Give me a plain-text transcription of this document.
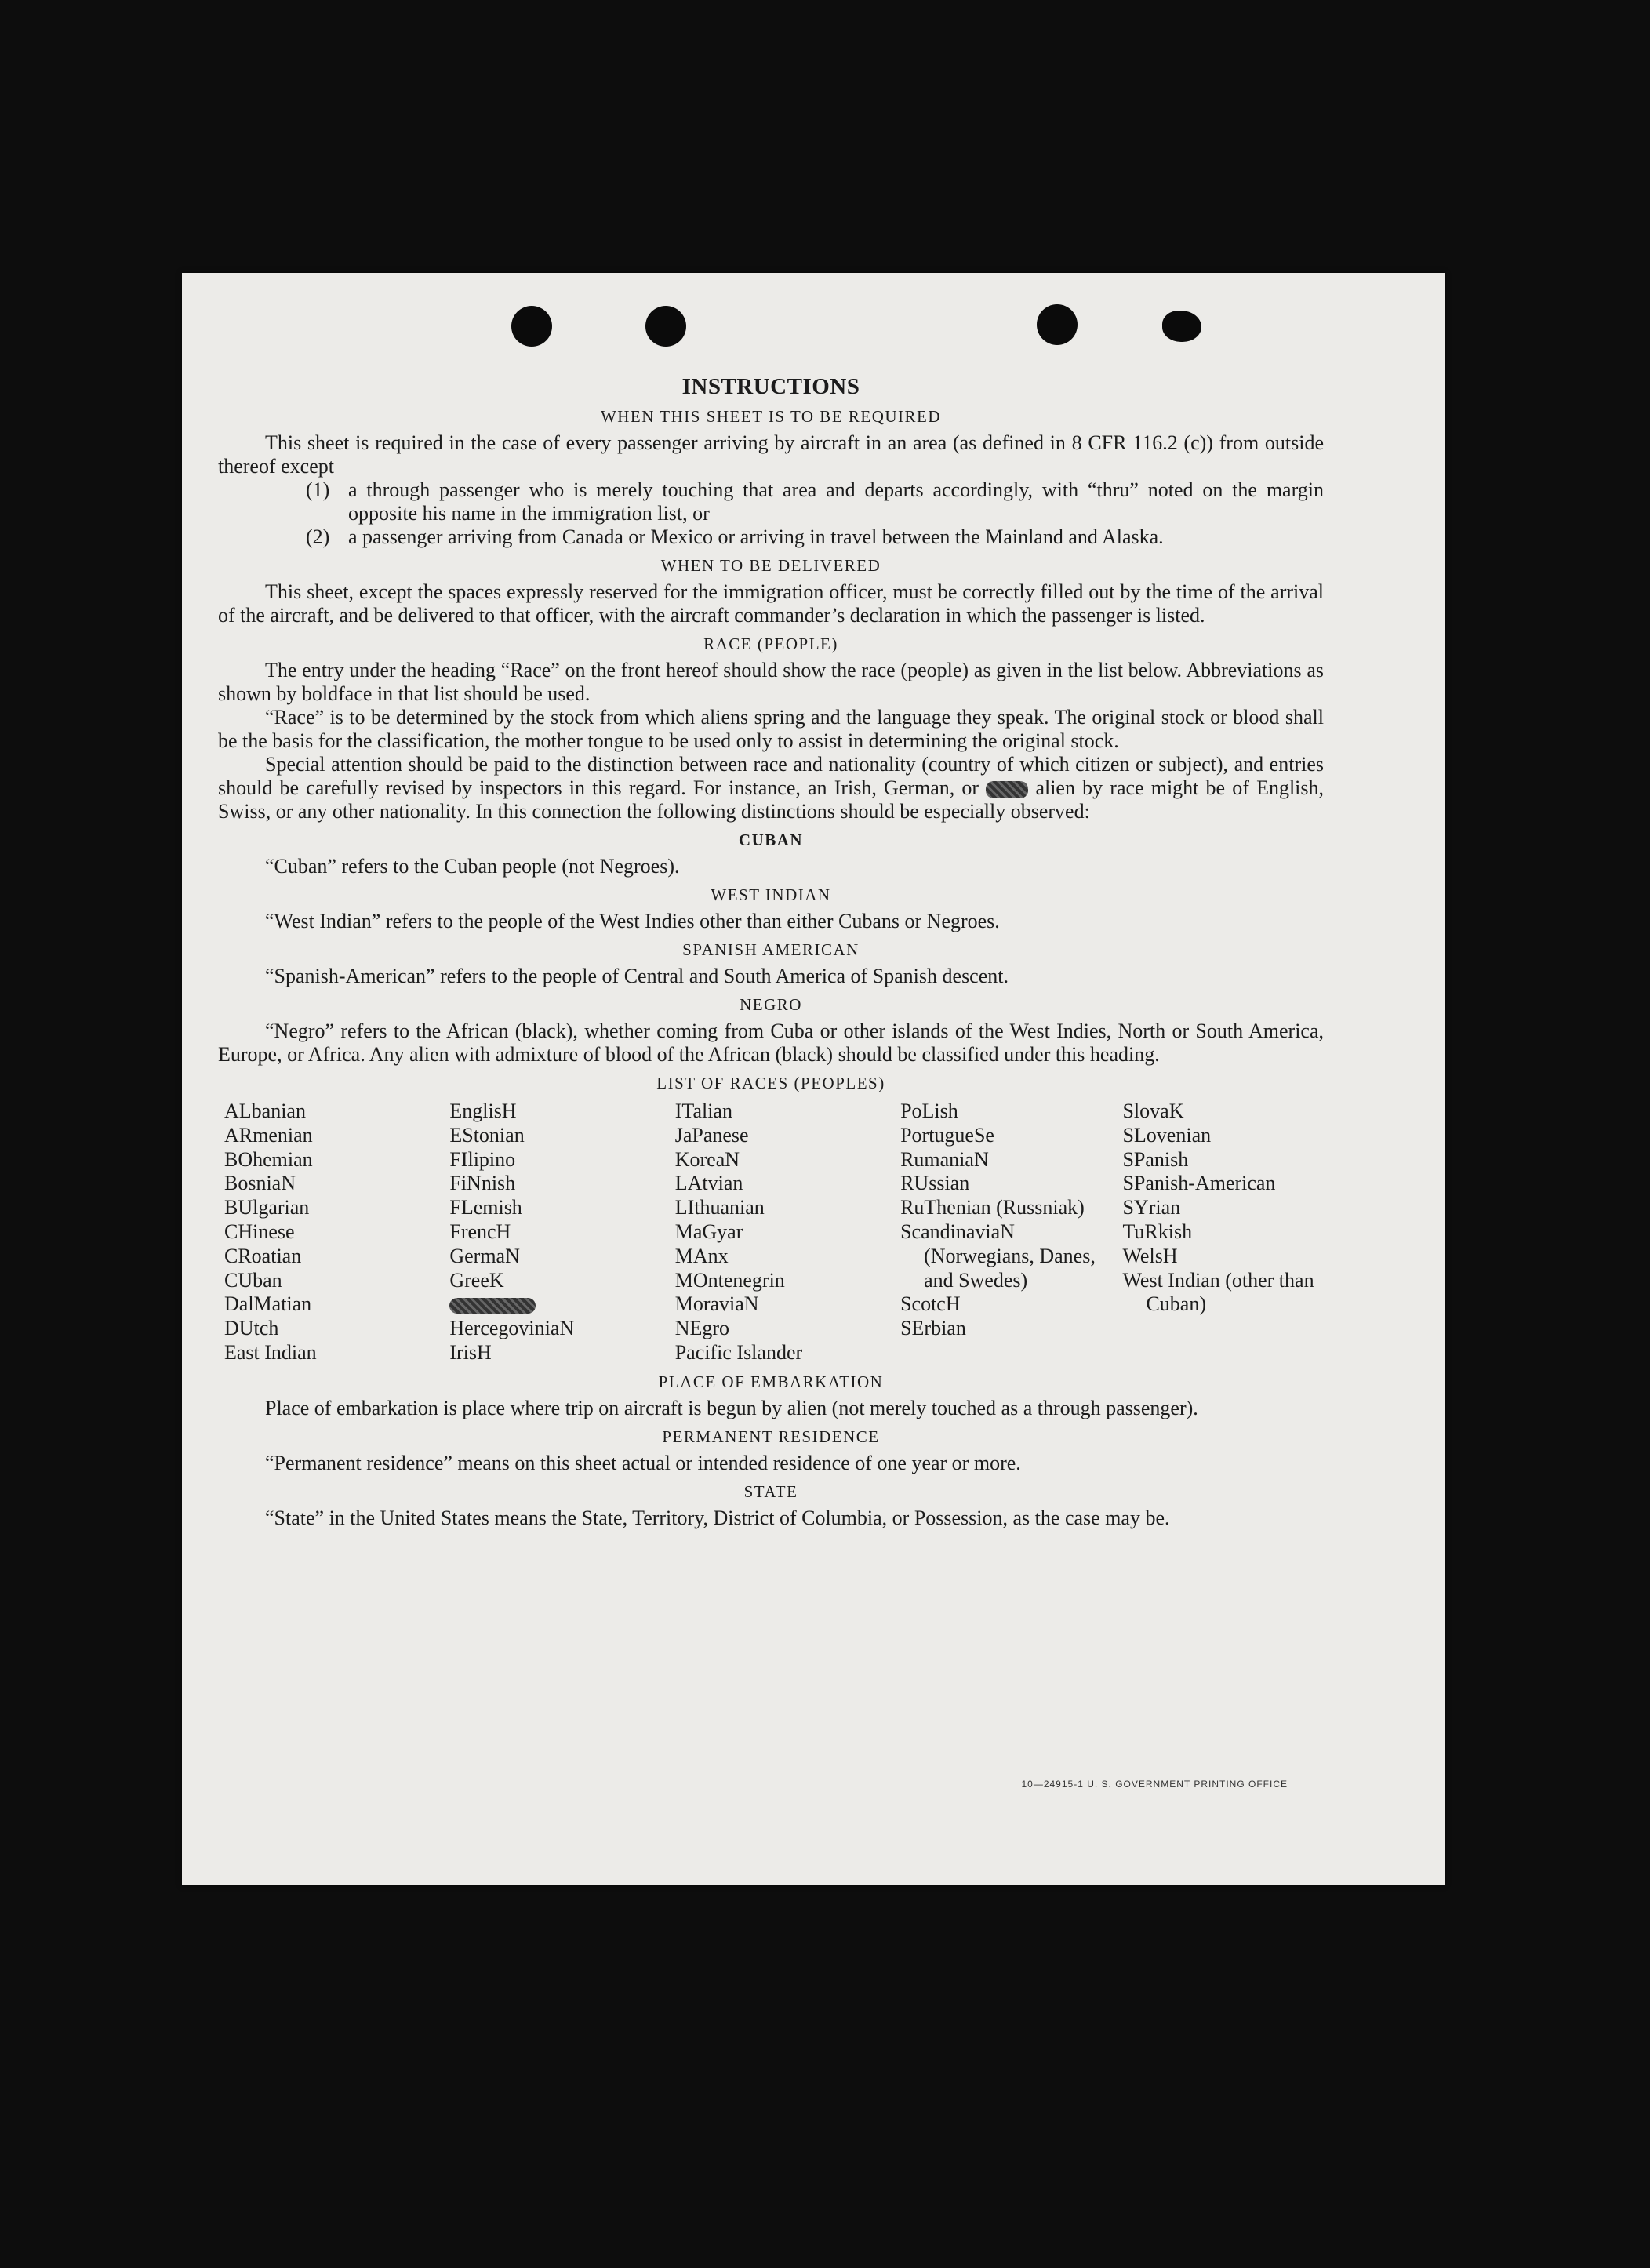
INSTRUCTIONS
WHEN THIS SHEET IS TO BE REQUIRED

This sheet is required in the case of every passenger arriving by aircraft in an area (as defined in 8 CFR 116.2 (c)) from outside thereof except

(1) a through passenger who is merely touching that area and departs accordingly, with “thru” noted on the margin opposite his name in the immigration list, or
(2) a passenger arriving from Canada or Mexico or arriving in travel between the Mainland and Alaska.
WHEN TO BE DELIVERED

This sheet, except the spaces expressly reserved for the immigration officer, must be correctly filled out by the time of the arrival of the aircraft, and be delivered to that officer, with the aircraft commander’s declaration in which the passenger is listed.

RACE (PEOPLE)

The entry under the heading “Race” on the front hereof should show the race (people) as given in the list below. Abbreviations as shown by boldface in that list should be used.

“Race” is to be determined by the stock from which aliens spring and the language they speak. The original stock or blood shall be the basis for the classification, the mother tongue to be used only to assist in determining the original stock.

Special attention should be paid to the distinction between race and nationality (country of which citizen or subject), and entries should be carefully revised by inspectors in this regard. For instance, an Irish, German, or	alien by race might be of English, Swiss, or any other nationality. In this connection the following distinctions should be especially observed:

CUBAN

“Cuban” refers to the Cuban people (not Negroes).

WEST INDIAN

“West Indian” refers to the people of the West Indies other than either Cubans or Negroes.

SPANISH AMERICAN

“Spanish-American” refers to the people of Central and South America of Spanish descent.

NEGRO

“Negro” refers to the African (black), whether coming from Cuba or other islands of the West Indies, North or South America, Europe, or Africa. Any alien with admixture of blood of the African (black) should be classified under this heading.

LIST OF RACES (PEOPLES)
ALbanian
ARmenian
BOhemian
BosniaN
BUlgarian
CHinese
CRoatian
CUban
DalMatian
DUtch
East Indian
EnglisH
EStonian
FIlipino
FiNnish
FLemish
FrencH
GermaN
GreeK
HercegoviniaN
IrisH
ITalian
JaPanese
KoreaN
LAtvian
LIthuanian
MaGyar
MAnx
MOntenegrin
MoraviaN
NEgro
Pacific Islander
PoLish
PortugueSe
RumaniaN
RUssian
RuThenian (Russniak)
ScandinaviaN (Norwegians, Danes, and Swedes)
ScotcH
SErbian
SlovaK
SLovenian
SPanish
SPanish-American
SYrian
TuRkish
WelsH
West Indian (other than Cuban)
PLACE OF EMBARKATION

Place of embarkation is place where trip on aircraft is begun by alien (not merely touched as a through passenger).

PERMANENT RESIDENCE

“Permanent residence” means on this sheet actual or intended residence of one year or more.

STATE

“State” in the United States means the State, Territory, District of Columbia, or Possession, as the case may be.

10—24915-1 U. S. GOVERNMENT PRINTING OFFICE
